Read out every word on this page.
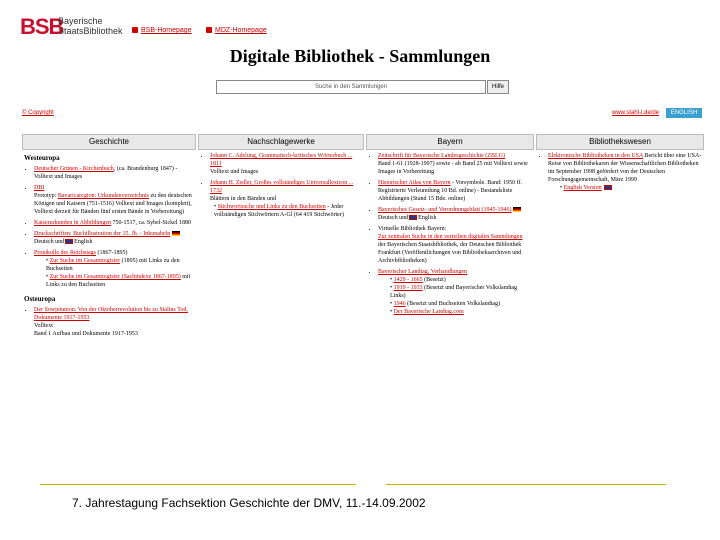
BSB
Bayerische
StaatsBibliothek	BSB-Homepage	MDZ-Homepage
Digitale Bibliothek - Sammlungen
Suche in den Sammlungen	Hilfe
© Copyright	www.stahl-l.de/de	ENGLISH
Geschichte	Nachschlagewerke	Bayern	Bibliothekswesen
Westeuropa
• Deutscher Grünen - Kirchenbuch, (ca. Brandenburg 1847) - Volltext und Images
• DBI
Prototyp: Bavaricaregion: Urkundenverzeichnis zu den deutschen Königen und Kaisern (751-1516) Volltext und Images (komplett), Volltext derzeit für Bänden fünf ersten Bände in Vorbereitung)
• Kaiserurkunden in Abbildungen 750-1517, ca. Sybel-Sickel 1880
• Druckschriften: Buchillustration der 15. Jh. - Inkunabeln Deutsch und English
• Protokolle des Reichstags (1867-1895)
• Zur Suche im Gesamtregister (1895) mit Links zu den Buchseiten
• Zur Suche im Gesamtregister (Sachindexe 1867-1895) mit Links zu den Buchseiten
Osteuropa
• Der Sowjetunion. Von der Oktoberrevolution bis zu Stalins Tod, Dokumente 1917-1953
Volltext
Band 1 Aufbau und Dokumente 1917-1953
• Johann C. Adelung, Grammatisch-kritisches Wörterbuch ... 1811
Volltext und Images
• Johann H. Zedler, Großes vollständiges Universallexicon ... 1732
Blättern in den Bänden und
• Stichwortsuche und Links zu den Buchseiten - Jeder vollständigen Stichwörtern A-Gl (64 419 Stichwörter)
• Zeitschrift für Bayerische Landesgeschichte (ZBLG)
Band 1-61 (1928-1997) sowie - ab Band 25 mit Volltext sowie Images in Vorbereitung
• Historischer Atlas von Bayern - Vorsymbole. Band: 1950 ff. Registrierte Verleumdung 10 Bd. online) - Bestandsliste Abbildungen (Stand 15 Bde. online)
• Bayerisches Gesetz- und Verordnungsblatt (1945-1946) Deutsch und English
• Virtuelle Bibliothek Bayern:
Zur zentralen Suche in den verteilten digitalen Sammlungen der Bayerischen Staatsbibliothek, der Deutschen Bibliothek Frankfurt (Veröffentlichungen von Bibliotheksarchiven und Archivbibliotheken)
• Bayerischer Landtag, Verhandlungen
• 1429 - 1665 (Besetzt)
• 1919 - 1933 (Besetzt und Bayerischer Volkslandtag Links)
• 1946 (Besetzt und Buchseiten Volkslandtag)
• Der Bayerische Landtag.com
• Elektronische Bibliotheken in den USA Bericht über eine USA-Reise von Bibliothekaren der Wissenschaftlichen Bibliotheken im September 1998 gefördert von der Deutschen Forschungsgemeinschaft, März 1999
• English Version
7. Jahrestagung Fachsektion Geschichte der DMV, 11.-14.09.2002
